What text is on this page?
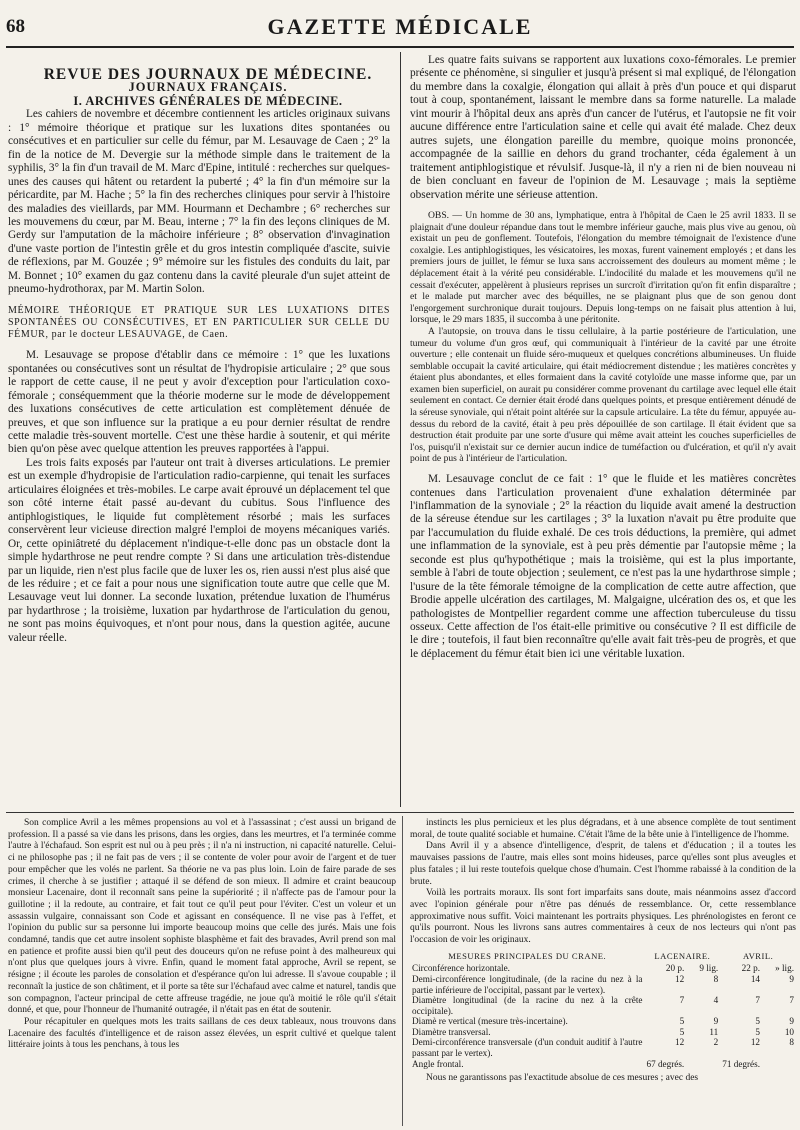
68	GAZETTE MÉDICALE

REVUE DES JOURNAUX DE MÉDECINE.

JOURNAUX FRANÇAIS.

I. ARCHIVES GÉNÉRALES DE MÉDECINE.

Les cahiers de novembre et décembre contiennent les articles originaux suivans : 1° mémoire théorique et pratique sur les luxations dites spontanées ou consécutives et en particulier sur celle du fémur, par M. Lesauvage de Caen ; 2° la fin de la notice de M. Devergie sur la méthode simple dans le traitement de la syphilis, 3° la fin d'un travail de M. Marc d'Epine, intitulé : recherches sur quelques-unes des causes qui hâtent ou retardent la puberté ; 4° la fin d'un mémoire sur la péricardite, par M. Hache ; 5° la fin des recherches cliniques pour servir à l'histoire des maladies des vieillards, par MM. Hourmann et Dechambre ; 6° recherches sur les mouvemens du cœur, par M. Beau, interne ; 7° la fin des leçons cliniques de M. Gerdy sur l'amputation de la mâchoire inférieure ; 8° observation d'invagination d'une vaste portion de l'intestin grêle et du gros intestin compliquée d'ascite, suivie de réflexions, par M. Gouzée ; 9° mémoire sur les fistules des conduits du lait, par M. Bonnet ; 10° examen du gaz contenu dans la cavité pleurale d'un sujet atteint de pneumo-hydrothorax, par M. Martin Solon.

MÉMOIRE THÉORIQUE ET PRATIQUE SUR LES LUXATIONS DITES SPONTANÉES OU CONSÉCUTIVES, ET EN PARTICULIER SUR CELLE DU FÉMUR, par le docteur LESAUVAGE, de Caen.

M. Lesauvage se propose d'établir dans ce mémoire : 1° que les luxations spontanées ou consécutives sont un résultat de l'hydropisie articulaire ; 2° que sous le rapport de cette cause, il ne peut y avoir d'exception pour l'articulation coxo-fémorale ; conséquemment que la théorie moderne sur le mode de développement des luxations consécutives de cette articulation est complètement dénuée de preuves, et que son influence sur la pratique a eu pour dernier résultat de rendre cette maladie très-souvent mortelle. C'est une thèse hardie à soutenir, et qui mérite bien qu'on pèse avec quelque attention les preuves rapportées à l'appui.

Les trois faits exposés par l'auteur ont trait à diverses articulations. Le premier est un exemple d'hydropisie de l'articulation radio-carpienne, qui tenait les surfaces articulaires éloignées et très-mobiles. Le carpe avait éprouvé un déplacement tel que son côté interne était passé au-devant du cubitus. Sous l'influence des antiphlogistiques, le liquide fut complètement résorbé ; mais les surfaces conservèrent leur vicieuse direction malgré l'emploi de moyens mécaniques variés. Or, cette opiniâtreté du déplacement n'indique-t-elle donc pas un obstacle dont la simple hydarthrose ne peut rendre compte ? Si dans une articulation très-distendue par un liquide, rien n'est plus facile que de luxer les os, rien aussi n'est plus aisé que de les réduire ; et ce fait a pour nous une signification toute autre que celle que M. Lesauvage veut lui donner. La seconde luxation, prétendue luxation de l'humérus par hydarthrose ; la troisième, luxation par hydarthrose de l'articulation du genou, ne sont pas moins équivoques, et n'ont pour nous, dans la question agitée, aucune valeur réelle.

Les quatre faits suivans se rapportent aux luxations coxo-fémorales. Le premier présente ce phénomène, si singulier et jusqu'à présent si mal expliqué, de l'élongation du membre dans la coxalgie, élongation qui allait à près d'un pouce et qui disparut tout à coup, spontanément, laissant le membre dans sa forme naturelle. La malade vint mourir à l'hôpital deux ans après d'un cancer de l'utérus, et l'autopsie ne fit voir aucune différence entre l'articulation saine et celle qui avait été malade. Chez deux autres sujets, une élongation pareille du membre, quoique moins prononcée, accompagnée de la saillie en dehors du grand trochanter, céda également à un traitement antiphlogistique et révulsif. Jusque-là, il n'y a rien ni de bien nouveau ni de bien concluant en faveur de l'opinion de M. Lesauvage ; mais la septième observation mérite une sérieuse attention.

OBS. — Un homme de 30 ans, lymphatique, entra à l'hôpital de Caen le 25 avril 1833. Il se plaignait d'une douleur répandue dans tout le membre inférieur gauche, mais plus vive au genou, où existait un peu de gonflement. Toutefois, l'élongation du membre témoignait de l'existence d'une coxalgie. Les antiphlogistiques, les vésicatoires, les moxas, furent vainement employés ; et dans les premiers jours de juillet, le fémur se luxa sans accroissement des douleurs au moment même ; le déplacement était à la vérité peu considérable. L'indocilité du malade et les mouvemens qu'il ne cessait d'exécuter, appelèrent à plusieurs reprises un surcroît d'irritation qu'on fit enfin disparaître ; et le malade put marcher avec des béquilles, ne se plaignant plus que de son genou dont l'engorgement surchronique durait toujours. Depuis long-temps on ne faisait plus attention à lui, lorsque, le 29 mars 1835, il succomba à une péritonite.

A l'autopsie, on trouva dans le tissu cellulaire, à la partie postérieure de l'articulation, une tumeur du volume d'un gros œuf, qui communiquait à l'intérieur de la cavité par une étroite ouverture ; elle contenait un fluide séro-muqueux et quelques concrétions albumineuses. Un fluide semblable occupait la cavité articulaire, qui était médiocrement distendue ; les matières concrètes y étaient plus abondantes, et elles formaient dans la cavité cotyloïde une masse informe que, par un examen bien superficiel, on aurait pu considérer comme provenant du cartilage avec lequel elle était seulement en contact. Ce dernier était érodé dans quelques points, et presque entièrement dénudé de la séreuse synoviale, qui n'était point altérée sur la capsule articulaire. La tête du fémur, appuyée au-dessus du rebord de la cavité, était à peu près dépouillée de son cartilage. Il était évident que sa destruction était produite par une sorte d'usure qui même avait atteint les couches superficielles de l'os, puisqu'il n'existait sur ce dernier aucun indice de tuméfaction ou d'ulcération, et qu'il n'y avait point de pus à l'intérieur de l'articulation.

M. Lesauvage conclut de ce fait : 1° que le fluide et les matières concrètes contenues dans l'articulation provenaient d'une exhalation déterminée par l'inflammation de la synoviale ; 2° la réaction du liquide avait amené la destruction de la séreuse étendue sur les cartilages ; 3° la luxation n'avait pu être produite que par l'accumulation du fluide exhalé. De ces trois déductions, la première, qui admet une inflammation de la synoviale, est à peu près démentie par l'autopsie même ; la seconde est plus qu'hypothétique ; mais la troisième, qui est la plus importante, semble à l'abri de toute objection ; seulement, ce n'est pas la une hydarthrose simple ; l'usure de la tête fémorale témoigne de la complication de cette autre affection, que Brodie appelle ulcération des cartilages, M. Malgaigne, ulcération des os, et que les pathologistes de Montpellier regardent comme une affection tuberculeuse du tissu osseux. Cette affection de l'os était-elle primitive ou consécutive ? Il est difficile de le dire ; toutefois, il faut bien reconnaître qu'elle avait fait très-peu de progrès, et que le déplacement du fémur était bien ici une véritable luxation.

Son complice Avril a les mêmes propensions au vol et à l'assassinat ; c'est aussi un brigand de profession. Il a passé sa vie dans les prisons, dans les orgies, dans les meurtres, et l'a terminée comme l'autre à l'échafaud. Son esprit est nul ou à peu près ; il n'a ni instruction, ni capacité naturelle. Celui-ci ne philosophe pas ; il ne fait pas de vers ; il se contente de voler pour avoir de l'argent et de tuer pour empêcher que les volés ne parlent. Sa théorie ne va pas plus loin. Loin de faire parade de ses crimes, il cherche à se justifier ; attaqué il se défend de son mieux. Il admire et craint beaucoup monsieur Lacenaire, dont il reconnaît sans peine la supériorité ; il n'affecte pas de l'amour pour la guillotine ; il la redoute, au contraire, et fait tout ce qu'il peut pour l'éviter. C'est un voleur et un assassin vulgaire, connaissant son Code et agissant en conséquence. Il ne vise pas à l'effet, et l'opinion du public sur sa personne lui importe beaucoup moins que celle des jurés. Mais une fois condamné, tandis que cet autre insolent sophiste blasphème et fait des bravades, Avril prend son mal en patience et profite aussi bien qu'il peut des douceurs qu'on ne refuse point à des malheureux qui n'ont plus que quelques jours à vivre. Enfin, quand le moment fatal approche, Avril se repent, se résigne ; il écoute les paroles de consolation et d'espérance qu'on lui adresse. Il s'avoue coupable ; il reconnaît la justice de son châtiment, et il porte sa tête sur l'échafaud avec calme et naturel, tandis que son compagnon, l'acteur principal de cette affreuse tragédie, ne joue qu'à moitié le rôle qu'il s'était donné, et que, pour l'honneur de l'humanité outragée, il n'était pas en état de soutenir.

Pour récapituler en quelques mots les traits saillans de ces deux tableaux, nous trouvons dans Lacenaire des facultés d'intelligence et de raison assez élevées, un esprit cultivé et quelque talent littéraire joints à tous les penchans, à tous les

instincts les plus pernicieux et les plus dégradans, et à une absence complète de tout sentiment moral, de toute qualité sociable et humaine. C'était l'âme de la bête unie à l'intelligence de l'homme.

Dans Avril il y a absence d'intelligence, d'esprit, de talens et d'éducation ; il a toutes les mauvaises passions de l'autre, mais elles sont moins hideuses, parce qu'elles sont plus aveugles et plus fatales ; il lui reste toutefois quelque chose d'humain. C'est l'homme rabaissé à la condition de la brute.

Voilà les portraits moraux. Ils sont fort imparfaits sans doute, mais néanmoins assez d'accord avec l'opinion générale pour n'être pas dénués de ressemblance. Or, cette ressemblance approximative nous suffit. Voici maintenant les portraits physiques. Les phrénologistes en feront ce qu'ils pourront. Nous les livrons sans autres commentaires à ceux de nos lecteurs qui n'ont pas l'occasion de voir les originaux.

MESURES PRINCIPALES DU CRANE.	LACENAIRE.		AVRIL.	
Circonférence horizontale.	20 p.	9 lig.	22 p.	» lig.
Demi-circonférence longitudinale, (de la racine du nez à la partie inférieure de l'occipital, passant par le vertex).	12	8	14	9
Diamètre longitudinal (de la racine du nez à la crête occipitale).	7	4	7	7
Diamè re vertical (mesure très-incertaine).	5	9	5	9
Diamètre transversal.	5	11	5	10
Demi-circonférence transversale (d'un conduit auditif à l'autre passant par le vertex).	12	2	12	8
Angle frontal.	67 degrés.		71 degrés.	

Nous ne garantissons pas l'exactitude absolue de ces mesures ; avec des
